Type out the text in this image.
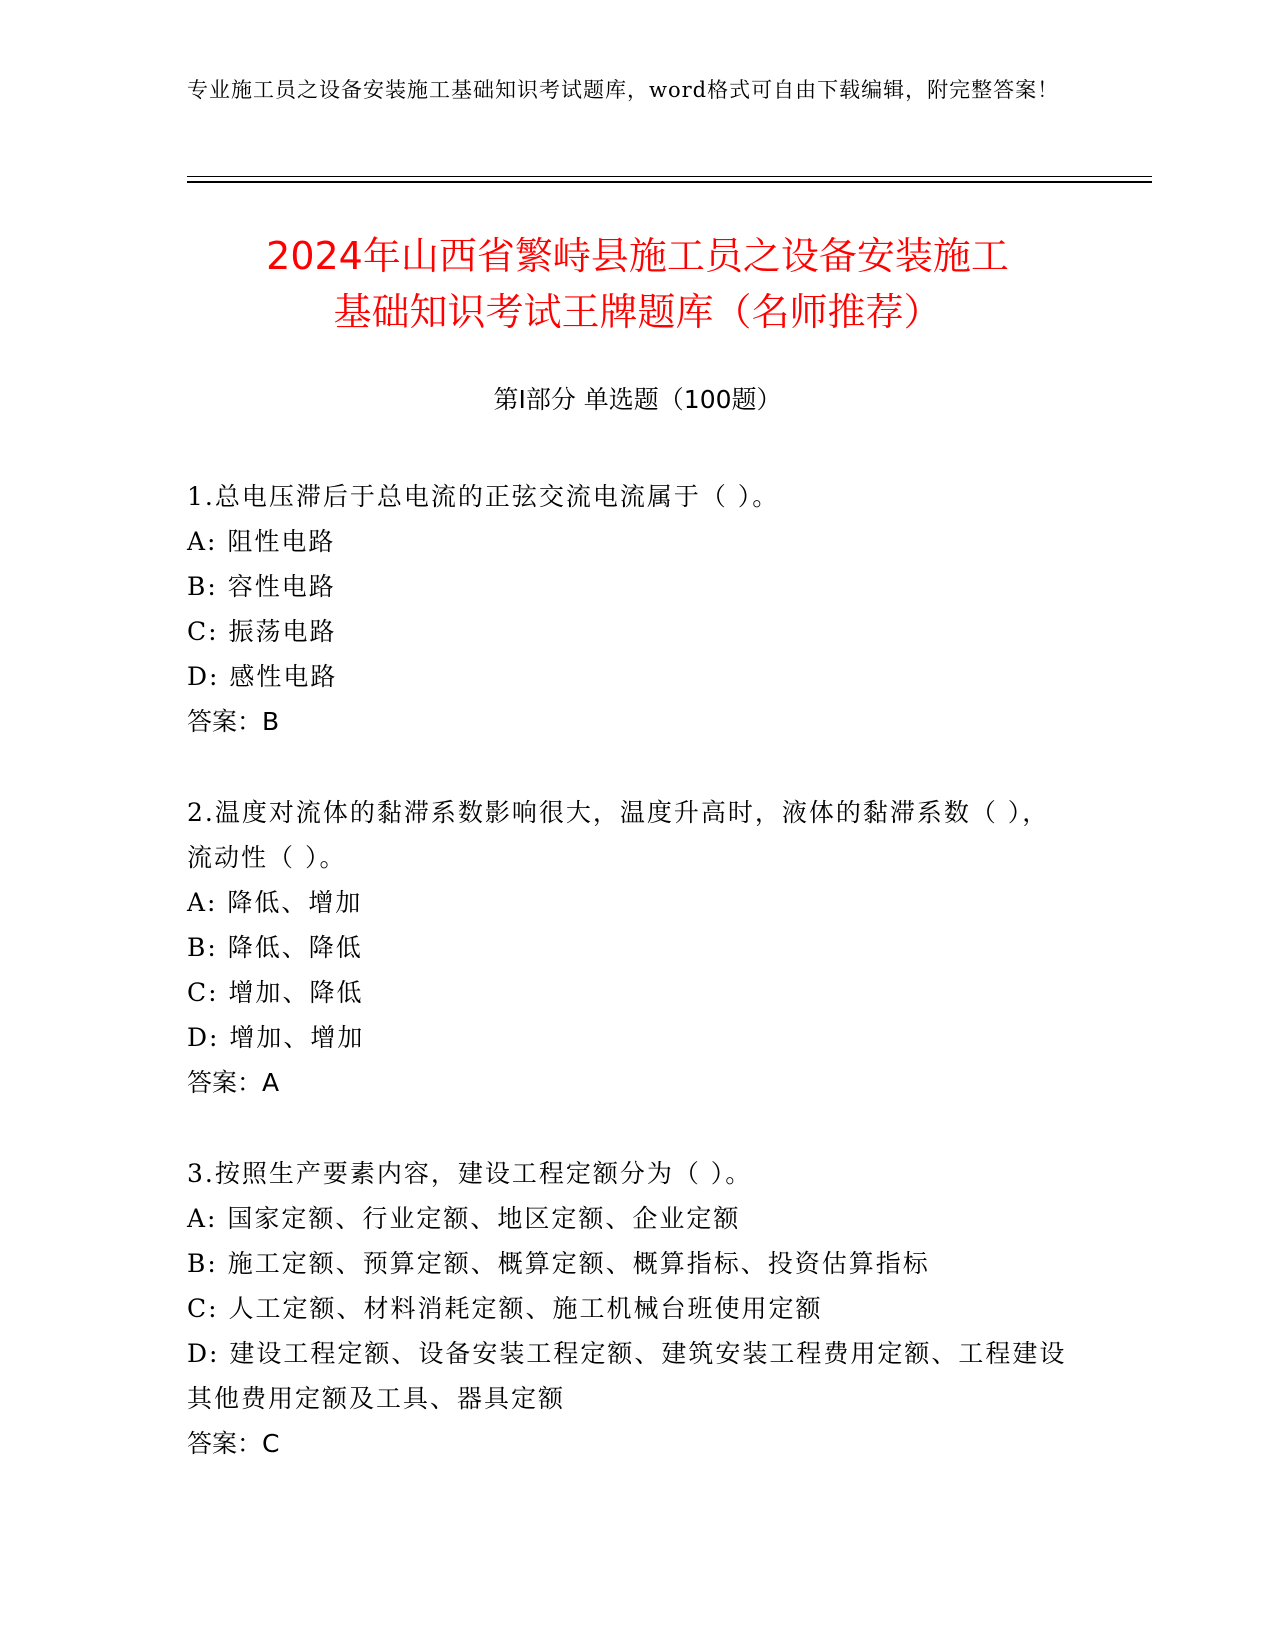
专业施工员之设备安装施工基础知识考试题库，word格式可自由下载编辑，附完整答案！
2024年山西省繁峙县施工员之设备安装施工
基础知识考试王牌题库（名师推荐）
第Ⅰ部分 单选题（100题）
1.总电压滞后于总电流的正弦交流电流属于（ ）。
A: 阻性电路
B: 容性电路
C: 振荡电路
D: 感性电路
答案：B
2.温度对流体的黏滞系数影响很大，温度升高时，液体的黏滞系数（ ），流动性（ ）。
A: 降低、增加
B: 降低、降低
C: 增加、降低
D: 增加、增加
答案：A
3.按照生产要素内容，建设工程定额分为（ ）。
A: 国家定额、行业定额、地区定额、企业定额
B: 施工定额、预算定额、概算定额、概算指标、投资估算指标
C: 人工定额、材料消耗定额、施工机械台班使用定额
D: 建设工程定额、设备安装工程定额、建筑安装工程费用定额、工程建设其他费用定额及工具、器具定额
答案：C
